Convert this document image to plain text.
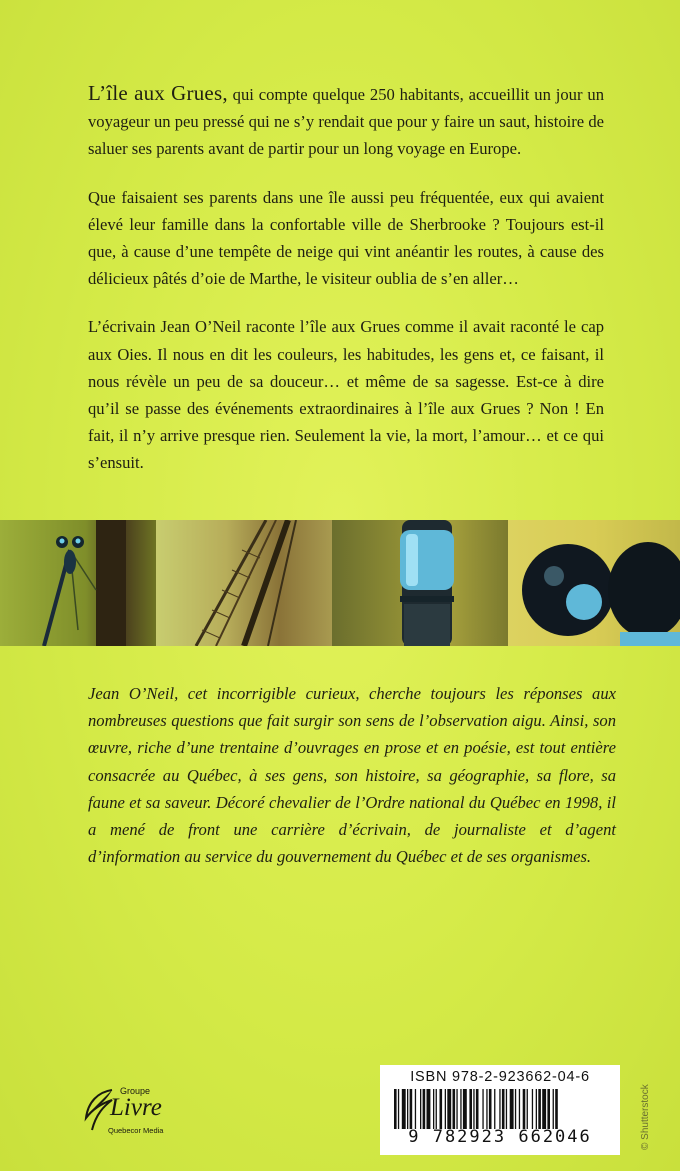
L’île aux Grues, qui compte quelque 250 habitants, accueillit un jour un voyageur un peu pressé qui ne s’y rendait que pour y faire un saut, histoire de saluer ses parents avant de partir pour un long voyage en Europe.

Que faisaient ses parents dans une île aussi peu fréquentée, eux qui avaient élevé leur famille dans la confortable ville de Sherbrooke ? Toujours est-il que, à cause d’une tempête de neige qui vint anéantir les routes, à cause des délicieux pâtés d’oie de Marthe, le visiteur oublia de s’en aller…

L’écrivain Jean O’Neil raconte l’île aux Grues comme il avait raconté le cap aux Oies. Il nous en dit les couleurs, les habitudes, les gens et, ce faisant, il nous révèle un peu de sa douceur… et même de sa sagesse. Est-ce à dire qu’il se passe des événements extraordinaires à l’île aux Grues ? Non ! En fait, il n’y arrive presque rien. Seulement la vie, la mort, l’amour… et ce qui s’ensuit.

Jean O’Neil, cet incorrigible curieux, cherche toujours les réponses aux nombreuses questions que fait surgir son sens de l’observation aigu. Ainsi, son œuvre, riche d’une trentaine d’ouvrages en prose et en poésie, est tout entière consacrée au Québec, à ses gens, son histoire, sa géographie, sa flore, sa faune et sa saveur. Décoré chevalier de l’Ordre national du Québec en 1998, il a mené de front une carrière d’écrivain, de journaliste et d’agent d’information au service du gouvernement du Québec et de ses organismes.

Groupe
Livre
Quebecor Media
ISBN 978-2-923662-04-6
9 782923 662046	© Shutterstock
